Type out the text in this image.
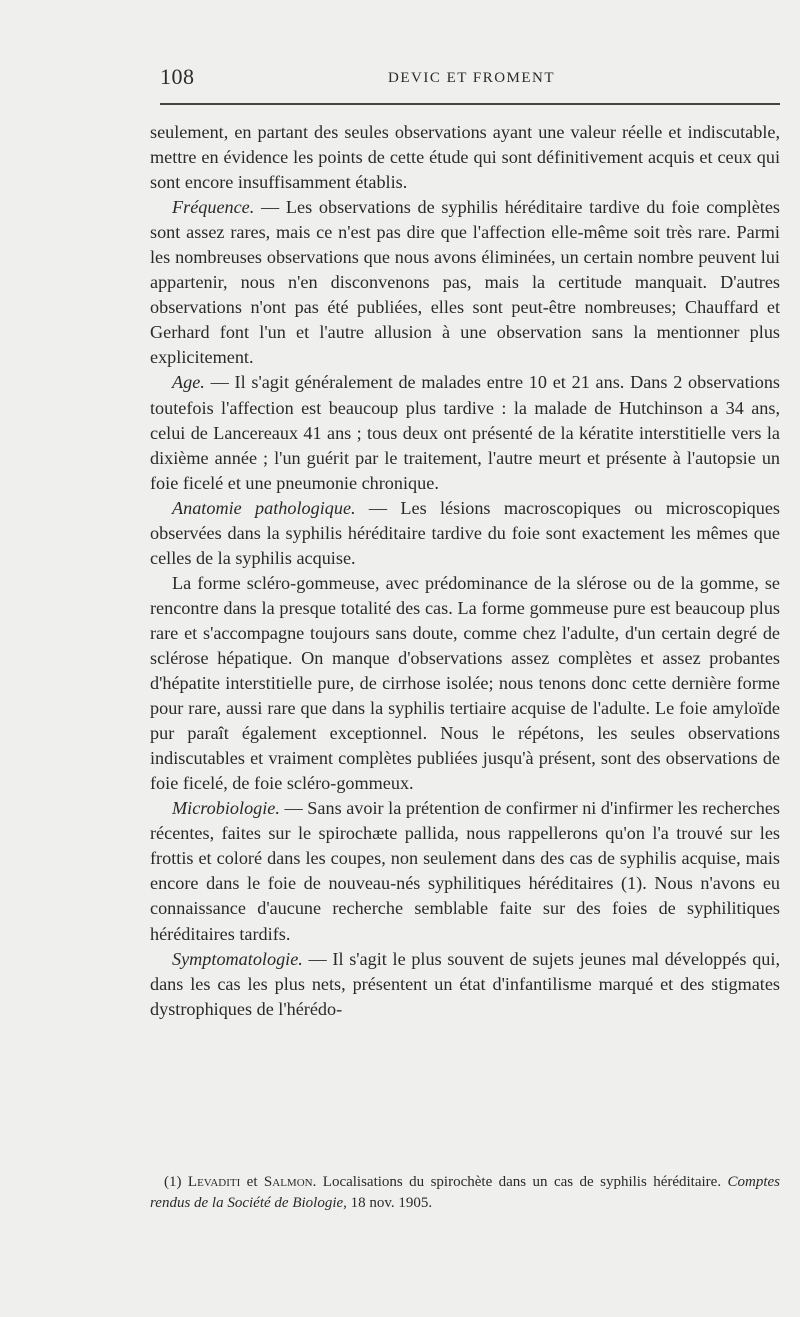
108	DEVIC ET FROMENT

seulement, en partant des seules observations ayant une valeur réelle et indiscutable, mettre en évidence les points de cette étude qui sont définitivement acquis et ceux qui sont encore insuffisamment établis.

Fréquence. — Les observations de syphilis héréditaire tardive du foie complètes sont assez rares, mais ce n'est pas dire que l'affection elle-même soit très rare. Parmi les nombreuses observations que nous avons éliminées, un certain nombre peuvent lui appartenir, nous n'en disconvenons pas, mais la certitude manquait. D'autres observations n'ont pas été publiées, elles sont peut-être nombreuses; Chauffard et Gerhard font l'un et l'autre allusion à une observation sans la mentionner plus explicitement.

Age. — Il s'agit généralement de malades entre 10 et 21 ans. Dans 2 observations toutefois l'affection est beaucoup plus tardive : la malade de Hutchinson a 34 ans, celui de Lancereaux 41 ans ; tous deux ont présenté de la kératite interstitielle vers la dixième année ; l'un guérit par le traitement, l'autre meurt et présente à l'autopsie un foie ficelé et une pneumonie chronique.

Anatomie pathologique. — Les lésions macroscopiques ou microscopiques observées dans la syphilis héréditaire tardive du foie sont exactement les mêmes que celles de la syphilis acquise.

La forme scléro-gommeuse, avec prédominance de la slérose ou de la gomme, se rencontre dans la presque totalité des cas. La forme gommeuse pure est beaucoup plus rare et s'accompagne toujours sans doute, comme chez l'adulte, d'un certain degré de sclérose hépatique. On manque d'observations assez complètes et assez probantes d'hépatite interstitielle pure, de cirrhose isolée; nous tenons donc cette dernière forme pour rare, aussi rare que dans la syphilis tertiaire acquise de l'adulte. Le foie amyloïde pur paraît également exceptionnel. Nous le répétons, les seules observations indiscutables et vraiment complètes publiées jusqu'à présent, sont des observations de foie ficelé, de foie scléro-gommeux.

Microbiologie. — Sans avoir la prétention de confirmer ni d'infirmer les recherches récentes, faites sur le spirochæte pallida, nous rappellerons qu'on l'a trouvé sur les frottis et coloré dans les coupes, non seulement dans des cas de syphilis acquise, mais encore dans le foie de nouveau-nés syphilitiques héréditaires (1). Nous n'avons eu connaissance d'aucune recherche semblable faite sur des foies de syphilitiques héréditaires tardifs.

Symptomatologie. — Il s'agit le plus souvent de sujets jeunes mal développés qui, dans les cas les plus nets, présentent un état d'infantilisme marqué et des stigmates dystrophiques de l'hérédo-

(1) Levaditi et Salmon. Localisations du spirochète dans un cas de syphilis héréditaire. Comptes rendus de la Société de Biologie, 18 nov. 1905.
